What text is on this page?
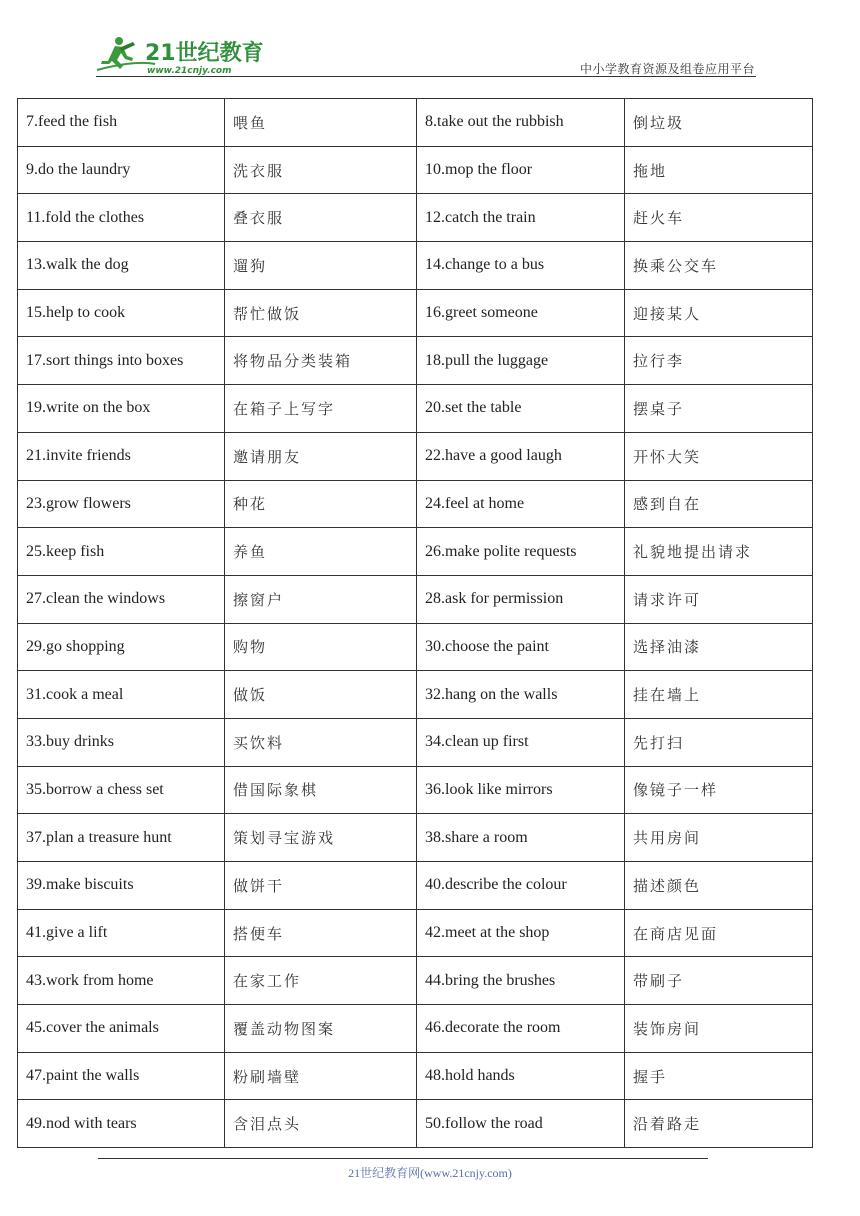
21世纪教育
www.21cnjy.com	中小学教育资源及组卷应用平台
7.feed the fish	喂鱼	8.take out the rubbish	倒垃圾
9.do the laundry	洗衣服	10.mop the floor	拖地
11.fold the clothes	叠衣服	12.catch the train	赶火车
13.walk the dog	遛狗	14.change to a bus	换乘公交车
15.help to cook	帮忙做饭	16.greet someone	迎接某人
17.sort things into boxes	将物品分类装箱	18.pull the luggage	拉行李
19.write on the box	在箱子上写字	20.set the table	摆桌子
21.invite friends	邀请朋友	22.have a good laugh	开怀大笑
23.grow flowers	种花	24.feel at home	感到自在
25.keep fish	养鱼	26.make polite requests	礼貌地提出请求
27.clean the windows	擦窗户	28.ask for permission	请求许可
29.go shopping	购物	30.choose the paint	选择油漆
31.cook a meal	做饭	32.hang on the walls	挂在墙上
33.buy drinks	买饮料	34.clean up first	先打扫
35.borrow a chess set	借国际象棋	36.look like mirrors	像镜子一样
37.plan a treasure hunt	策划寻宝游戏	38.share a room	共用房间
39.make biscuits	做饼干	40.describe the colour	描述颜色
41.give a lift	搭便车	42.meet at the shop	在商店见面
43.work from home	在家工作	44.bring the brushes	带刷子
45.cover the animals	覆盖动物图案	46.decorate the room	装饰房间
47.paint the walls	粉刷墙壁	48.hold hands	握手
49.nod with tears	含泪点头	50.follow the road	沿着路走
21世纪教育网(www.21cnjy.com)
